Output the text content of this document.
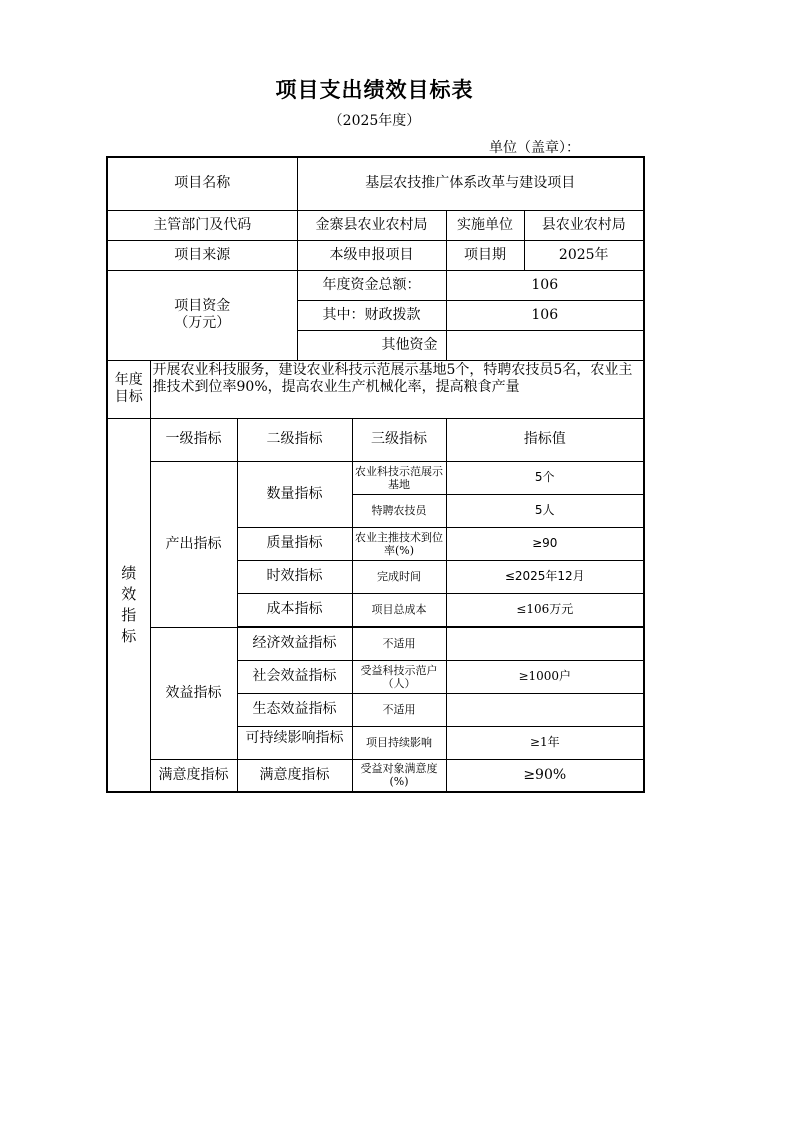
项目支出绩效目标表
（2025年度）
单位（盖章）：
项目名称			基层农技推广体系改革与建设项目			
主管部门及代码			金寨县农业农村局		实施单位	县农业农村局
项目来源			本级申报项目		项目期	2025年

项目资金
（万元）			年度资金总额：		106	
			其中：财政拨款		106	
			其他资金			

年度
目标	开展农业科技服务，建设农业科技示范展示基地5个，特聘农技员5名，农业主推技术到位率90%，提高农业生产机械化率，提高粮食产量					

绩
效
指
标	一级指标	二级指标		三级指标	指标值	
	产出指标	数量指标		农业科技示范展示基地	5个	
				特聘农技员	5人	
		质量指标		农业主推技术到位率(%)	≥90	
		时效指标		完成时间	≤2025年12月	
		成本指标		项目总成本	≤106万元	

	效益指标	经济效益指标		不适用		
		社会效益指标		受益科技示范户（人）	≥1000户	
		生态效益指标		不适用		

		可持续影响指标		项目持续影响	≥1年	
	满意度指标	满意度指标		受益对象满意度(%)	≥90%	
